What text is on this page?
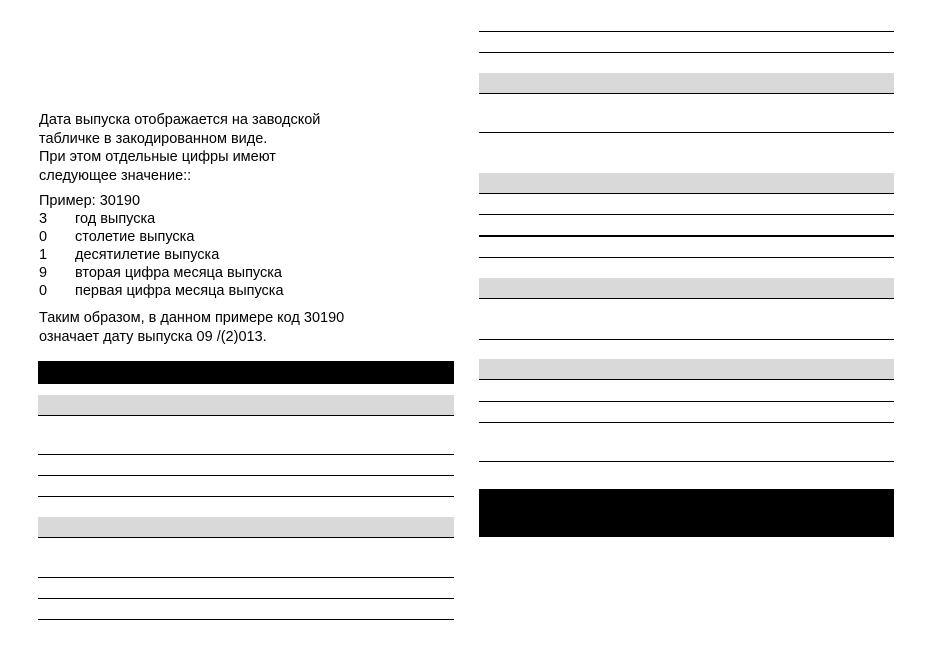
Дата выпуска отображается на заводской
табличке в закодированном виде.
При этом отдельные цифры имеют
следующее значение::
Пример: 30190
3 год выпуска
0 столетие выпуска
1 десятилетие выпуска
9 вторая цифра месяца выпуска
0 первая цифра месяца выпуска
Таким образом, в данном примере код 30190
означает дату выпуска 09 /(2)013.
